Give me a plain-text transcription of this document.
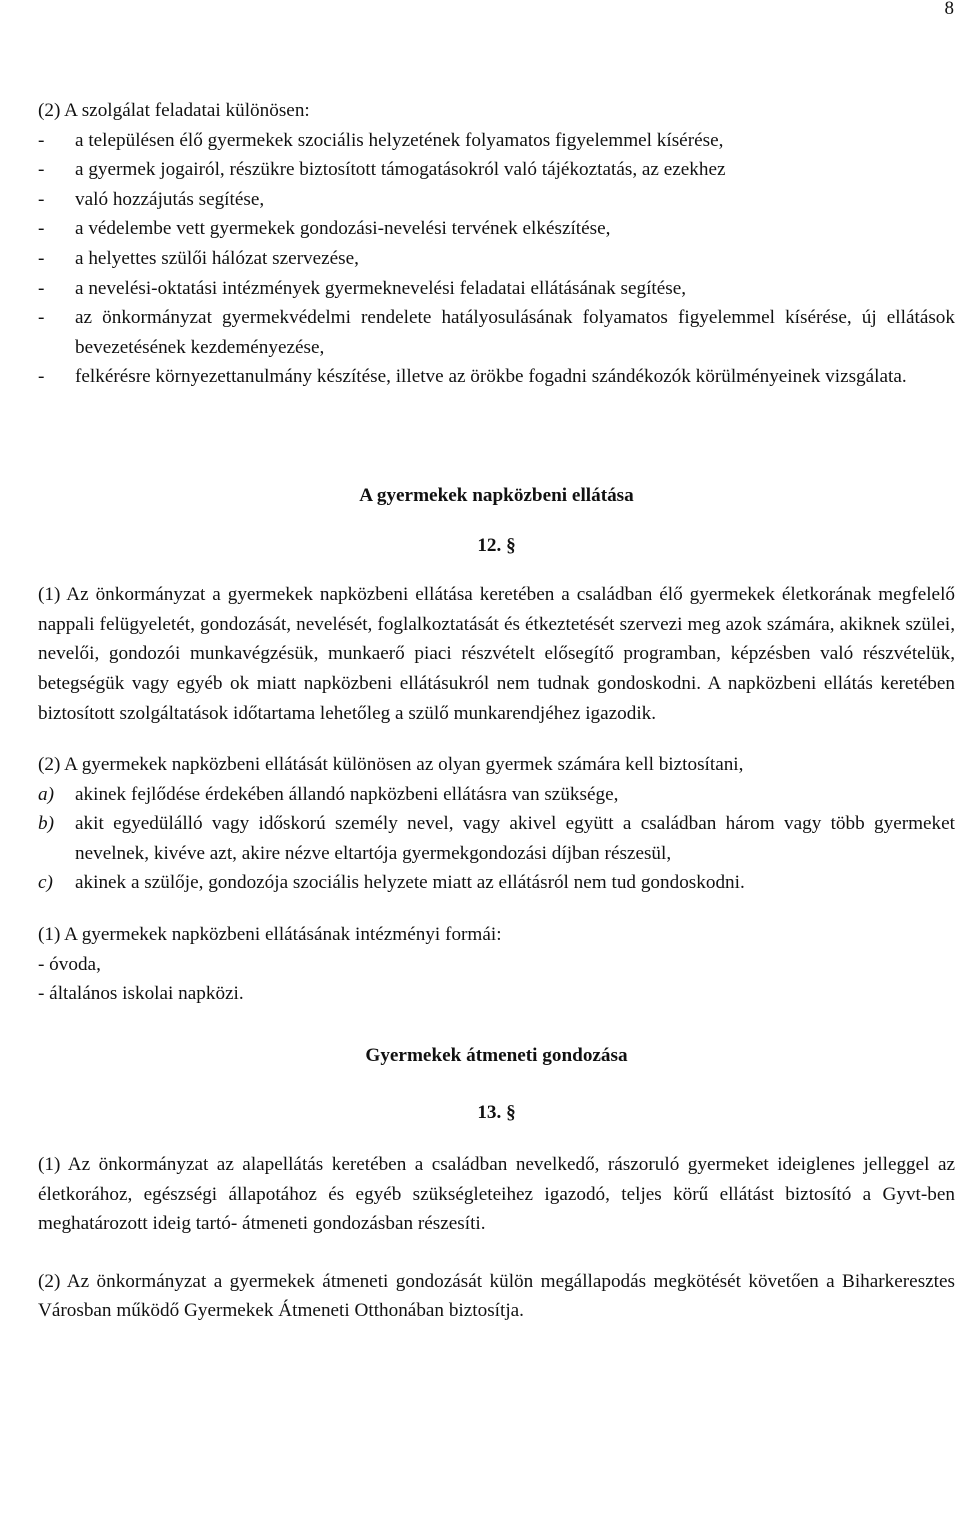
8

(2) A szolgálat feladatai különösen:

-	a településen élő gyermekek szociális helyzetének folyamatos figyelemmel kísérése,
-	a gyermek jogairól, részükre biztosított támogatásokról való tájékoztatás, az ezekhez
-	való hozzájutás segítése,
-	a védelembe vett gyermekek gondozási-nevelési tervének elkészítése,
-	a helyettes szülői hálózat szervezése,
-	a nevelési-oktatási intézmények gyermeknevelési feladatai ellátásának segítése,
-	az önkormányzat gyermekvédelmi rendelete hatályosulásának folyamatos figyelemmel kísérése, új ellátások bevezetésének kezdeményezése,
-	felkérésre környezettanulmány készítése, illetve az örökbe fogadni szándékozók körülményeinek vizsgálata.

A gyermekek napközbeni ellátása

12. §

(1) Az önkormányzat a gyermekek napközbeni ellátása keretében a családban élő gyermekek életkorának megfelelő nappali felügyeletét, gondozását, nevelését, foglalkoztatását és étkeztetését szervezi meg azok számára, akiknek szülei, nevelői, gondozói munkavégzésük, munkaerő piaci részvételt elősegítő programban, képzésben való részvételük, betegségük vagy egyéb ok miatt napközbeni ellátásukról nem tudnak gondoskodni. A napközbeni ellátás keretében biztosított szolgáltatások időtartama lehetőleg a szülő munkarendjéhez igazodik.

(2) A gyermekek napközbeni ellátását különösen az olyan gyermek számára kell biztosítani,

a)	akinek fejlődése érdekében állandó napközbeni ellátásra van szüksége,
b)	akit egyedülálló vagy időskorú személy nevel, vagy akivel együtt a családban három vagy több gyermeket nevelnek, kivéve azt, akire nézve eltartója gyermekgondozási díjban részesül,
c)	akinek a szülője, gondozója szociális helyzete miatt az ellátásról nem tud gondoskodni.

(1) A gyermekek napközbeni ellátásának intézményi formái:

- óvoda,

- általános iskolai napközi.

Gyermekek átmeneti gondozása

13. §

(1) Az önkormányzat az alapellátás keretében a családban nevelkedő, rászoruló gyermeket ideiglenes jelleggel az életkorához, egészségi állapotához és egyéb szükségleteihez igazodó, teljes körű ellátást biztosító a Gyvt-ben meghatározott ideig tartó- átmeneti gondozásban részesíti.

(2) Az önkormányzat a gyermekek átmeneti gondozását külön megállapodás megkötését követően a Biharkeresztes Városban működő Gyermekek Átmeneti Otthonában biztosítja.
